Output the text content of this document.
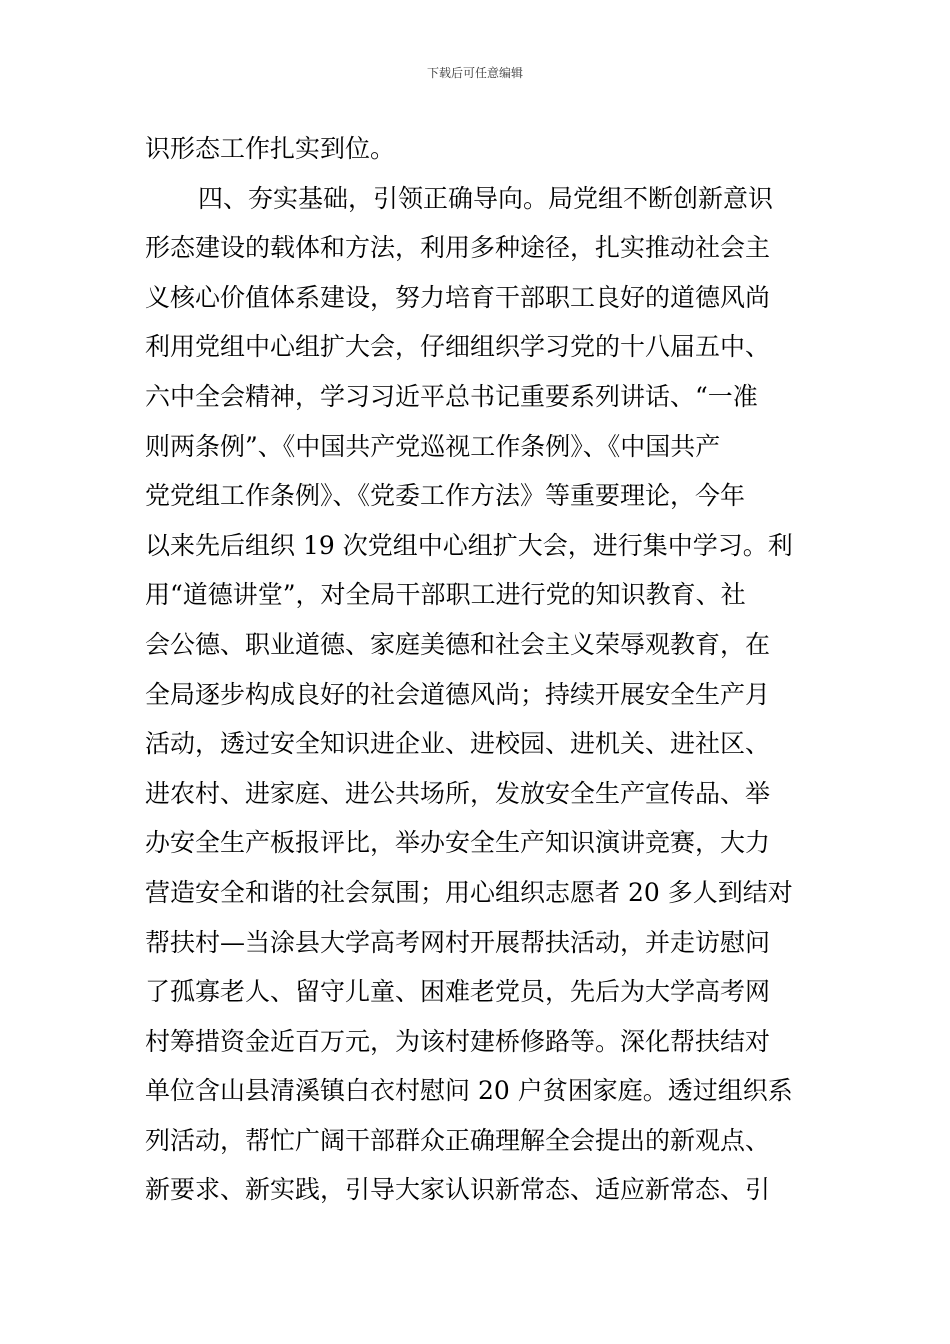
下载后可任意编辑
识形态工作扎实到位。
四、夯实基础，引领正确导向。局党组不断创新意识
形态建设的载体和方法，利用多种途径，扎实推动社会主
义核心价值体系建设，努力培育干部职工良好的道德风尚
利用党组中心组扩大会，仔细组织学习党的十八届五中、
六中全会精神，学习习近平总书记重要系列讲话、“一准
则两条例”、《中国共产党巡视工作条例》、《中国共产
党党组工作条例》、《党委工作方法》等重要理论，今年
以来先后组织 19 次党组中心组扩大会，进行集中学习。利
用“道德讲堂”，对全局干部职工进行党的知识教育、社
会公德、职业道德、家庭美德和社会主义荣辱观教育，在
全局逐步构成良好的社会道德风尚；持续开展安全生产月
活动，透过安全知识进企业、进校园、进机关、进社区、
进农村、进家庭、进公共场所，发放安全生产宣传品、举
办安全生产板报评比，举办安全生产知识演讲竞赛，大力
营造安全和谐的社会氛围；用心组织志愿者 20 多人到结对
帮扶村—当涂县大学高考网村开展帮扶活动，并走访慰问
了孤寡老人、留守儿童、困难老党员，先后为大学高考网
村筹措资金近百万元，为该村建桥修路等。深化帮扶结对
单位含山县清溪镇白衣村慰问 20 户贫困家庭。透过组织系
列活动，帮忙广阔干部群众正确理解全会提出的新观点、
新要求、新实践，引导大家认识新常态、适应新常态、引
